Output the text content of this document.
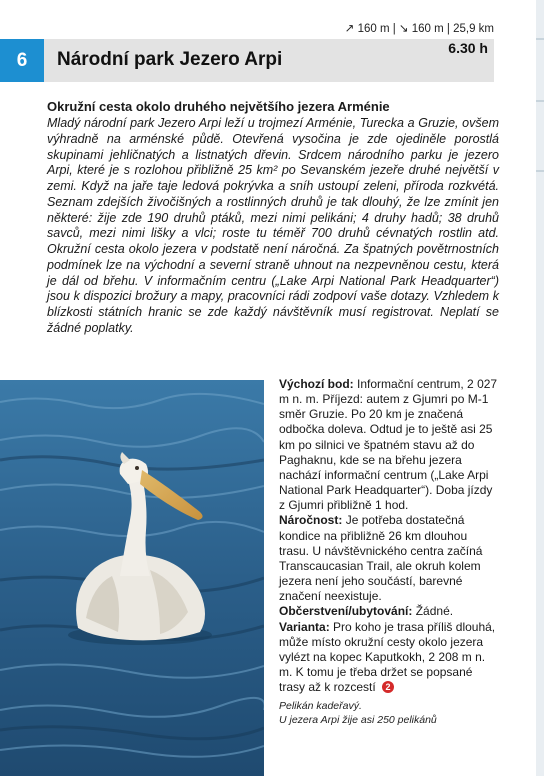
↗ 160 m | ↘ 160 m | 25,9 km
6	Národní park Jezero Arpi
6.30 h

Okružní cesta okolo druhého největšího jezera Arménie

Mladý národní park Jezero Arpi leží u trojmezí Arménie, Turecka a Gruzie, ovšem výhradně na arménské půdě. Otevřená vysočina je zde ojediněle porostlá skupinami jehličnatých a listnatých dřevin. Srdcem národního parku je jezero Arpi, které je s rozlohou přibližně 25 km² po Sevanském jezeře druhé největší v zemi. Když na jaře taje ledová pokrývka a sníh ustoupí zeleni, příroda rozkvétá. Seznam zdejších živočišných a rostlinných druhů je tak dlouhý, že lze zmínit jen některé: žije zde 190 druhů ptáků, mezi nimi pelikáni; 4 druhy hadů; 38 druhů savců, mezi nimi lišky a vlci; roste tu téměř 700 druhů cévnatých rostlin atd. Okružní cesta okolo jezera v podstatě není náročná. Za špatných povětrnostních podmínek lze na východní a severní straně uhnout na nezpevněnou cestu, která je dál od břehu. V informačním centru („Lake Arpi National Park Headquarter“) jsou k dispozici brožury a mapy, pracovníci rádi zodpoví vaše dotazy. Vzhledem k blízkosti státních hranic se zde každý návštěvník musí registrovat. Neplatí se žádné poplatky.

Výchozí bod: Informační centrum, 2 027 m n. m. Příjezd: autem z Gjumri po M-1 směr Gruzie. Po 20 km je značená odbočka doleva. Odtud je to ještě asi 25 km po silnici ve špatném stavu až do Paghaknu, kde se na břehu jezera nachází informační centrum („Lake Arpi National Park Headquarter“). Doba jízdy z Gjumri přibližně 1 hod.

Náročnost: Je potřeba dostatečná kondice na přibližně 26 km dlouhou trasu. U návštěvnického centra začíná Transcaucasian Trail, ale okruh kolem jezera není jeho součástí, barevné značení neexistuje.

Občerstvení/ubytování: Žádné.

Varianta: Pro koho je trasa příliš dlouhá, může místo okružní cesty okolo jezera vylézt na kopec Kaputkokh, 2 208 m n. m. K tomu je třeba držet se popsané trasy až k rozcestí 2

Pelikán kadeřavý.

U jezera Arpi žije asi 250 pelikánů
